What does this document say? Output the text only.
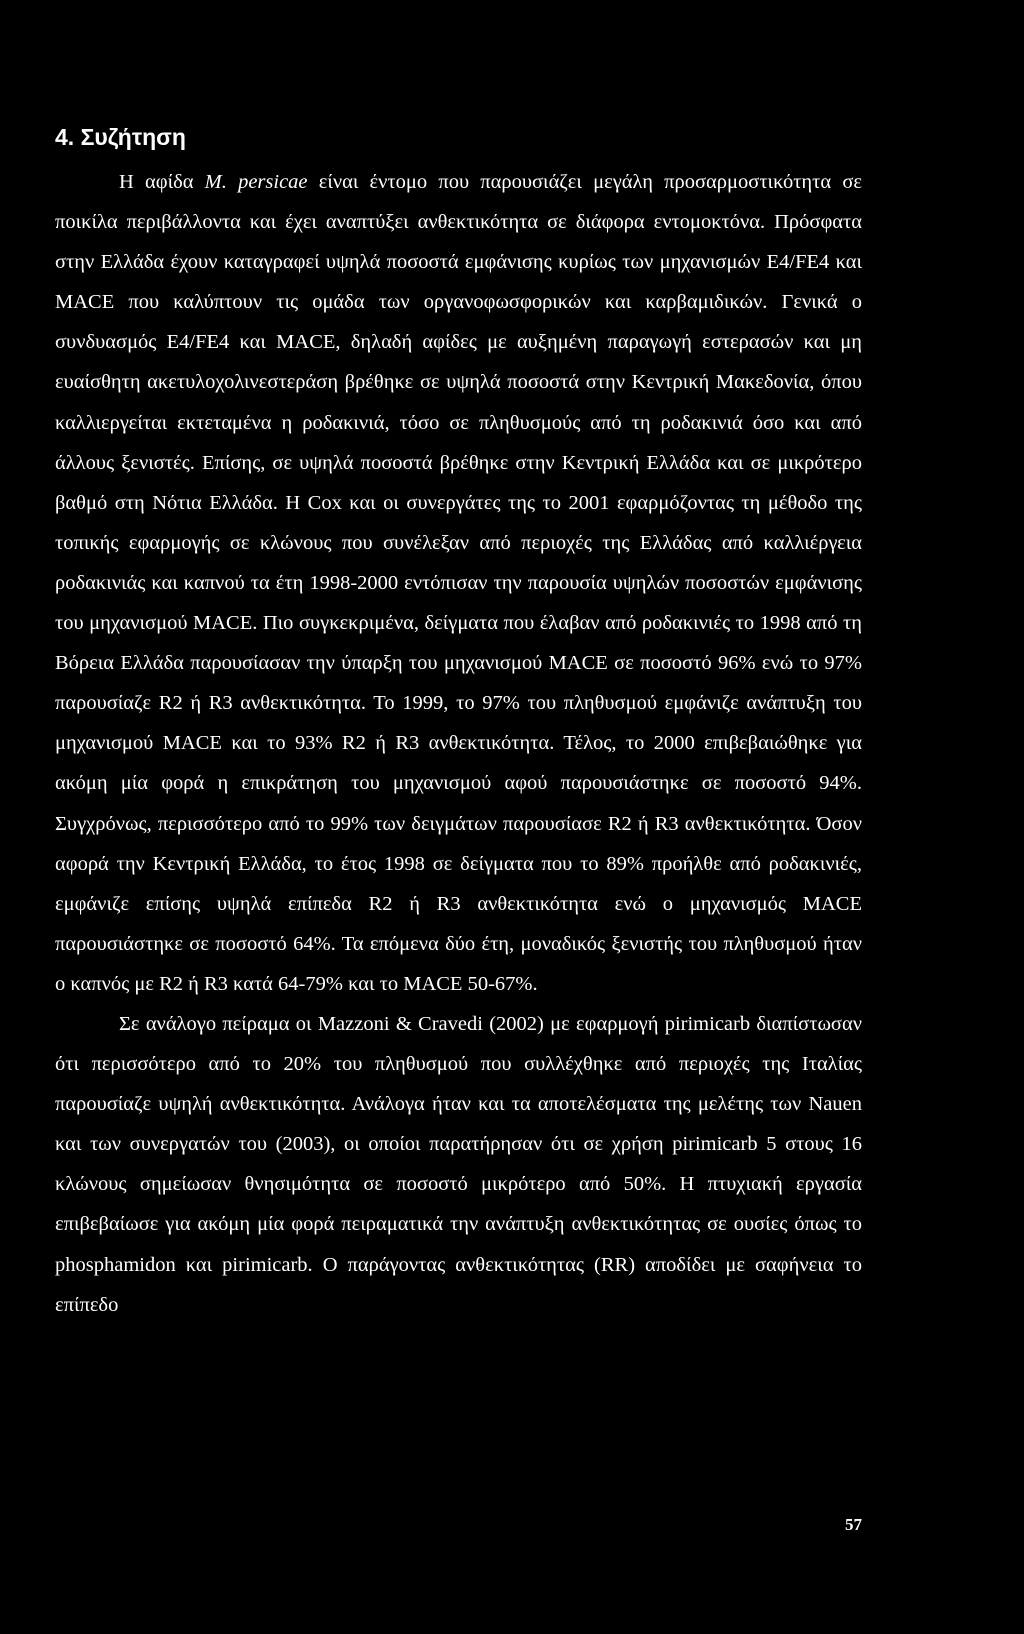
4. Συζήτηση

Η αφίδα M. persicae είναι έντομο που παρουσιάζει μεγάλη προσαρμοστικότητα σε ποικίλα περιβάλλοντα και έχει αναπτύξει ανθεκτικότητα σε διάφορα εντομοκτόνα. Πρόσφατα στην Ελλάδα έχουν καταγραφεί υψηλά ποσοστά εμφάνισης κυρίως των μηχανισμών E4/FE4 και MACE που καλύπτουν τις ομάδα των οργανοφωσφορικών και καρβαμιδικών. Γενικά ο συνδυασμός E4/FE4 και MACE, δηλαδή αφίδες με αυξημένη παραγωγή εστερασών και μη ευαίσθητη ακετυλοχολινεστεράση βρέθηκε σε υψηλά ποσοστά στην Κεντρική Μακεδονία, όπου καλλιεργείται εκτεταμένα η ροδακινιά, τόσο σε πληθυσμούς από τη ροδακινιά όσο και από άλλους ξενιστές. Επίσης, σε υψηλά ποσοστά βρέθηκε στην Κεντρική Ελλάδα και σε μικρότερο βαθμό στη Νότια Ελλάδα. Η Cox και οι συνεργάτες της το 2001 εφαρμόζοντας τη μέθοδο της τοπικής εφαρμογής σε κλώνους που συνέλεξαν από περιοχές της Ελλάδας από καλλιέργεια ροδακινιάς και καπνού τα έτη 1998-2000 εντόπισαν την παρουσία υψηλών ποσοστών εμφάνισης του μηχανισμού MACE. Πιο συγκεκριμένα, δείγματα που έλαβαν από ροδακινιές το 1998 από τη Βόρεια Ελλάδα παρουσίασαν την ύπαρξη του μηχανισμού MACE σε ποσοστό 96% ενώ το 97% παρουσίαζε R2 ή R3 ανθεκτικότητα. Το 1999, το 97% του πληθυσμού εμφάνιζε ανάπτυξη του μηχανισμού MACE και το 93% R2 ή R3 ανθεκτικότητα. Τέλος, το 2000 επιβεβαιώθηκε για ακόμη μία φορά η επικράτηση του μηχανισμού αφού παρουσιάστηκε σε ποσοστό 94%. Συγχρόνως, περισσότερο από το 99% των δειγμάτων παρουσίασε R2 ή R3 ανθεκτικότητα. Όσον αφορά την Κεντρική Ελλάδα, το έτος 1998 σε δείγματα που το 89% προήλθε από ροδακινιές, εμφάνιζε επίσης υψηλά επίπεδα R2 ή R3 ανθεκτικότητα ενώ ο μηχανισμός MACE παρουσιάστηκε σε ποσοστό 64%. Τα επόμενα δύο έτη, μοναδικός ξενιστής του πληθυσμού ήταν ο καπνός με R2 ή R3 κατά 64-79% και το MACE 50-67%.

Σε ανάλογο πείραμα οι Mazzoni & Cravedi (2002) με εφαρμογή pirimicarb διαπίστωσαν ότι περισσότερο από το 20% του πληθυσμού που συλλέχθηκε από περιοχές της Ιταλίας παρουσίαζε υψηλή ανθεκτικότητα. Ανάλογα ήταν και τα αποτελέσματα της μελέτης των Nauen και των συνεργατών του (2003), οι οποίοι παρατήρησαν ότι σε χρήση pirimicarb 5 στους 16 κλώνους σημείωσαν θνησιμότητα σε ποσοστό μικρότερο από 50%. Η πτυχιακή εργασία επιβεβαίωσε για ακόμη μία φορά πειραματικά την ανάπτυξη ανθεκτικότητας σε ουσίες όπως το phosphamidon και pirimicarb. Ο παράγοντας ανθεκτικότητας (RR) αποδίδει με σαφήνεια το επίπεδο

57
